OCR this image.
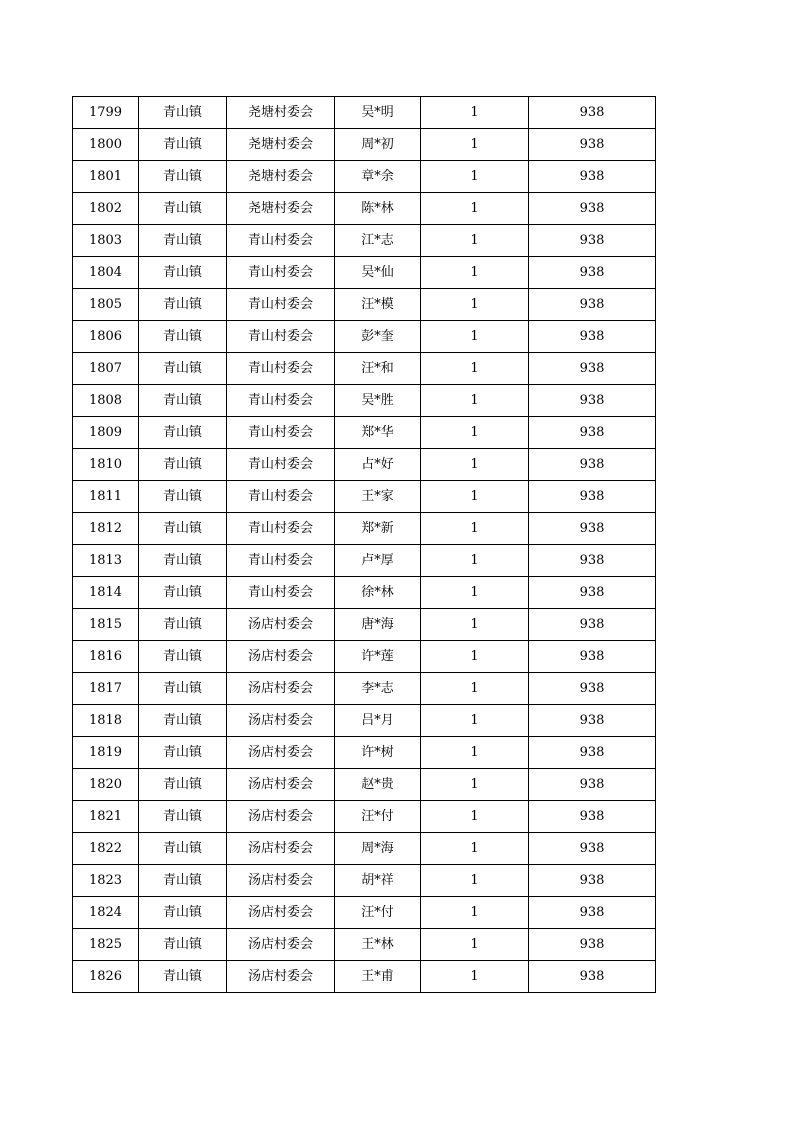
1799	青山镇	尧塘村委会	吴*明	1	938
1800	青山镇	尧塘村委会	周*初	1	938
1801	青山镇	尧塘村委会	章*余	1	938
1802	青山镇	尧塘村委会	陈*林	1	938
1803	青山镇	青山村委会	江*志	1	938
1804	青山镇	青山村委会	吴*仙	1	938
1805	青山镇	青山村委会	汪*模	1	938
1806	青山镇	青山村委会	彭*奎	1	938
1807	青山镇	青山村委会	汪*和	1	938
1808	青山镇	青山村委会	吴*胜	1	938
1809	青山镇	青山村委会	郑*华	1	938
1810	青山镇	青山村委会	占*好	1	938
1811	青山镇	青山村委会	王*家	1	938
1812	青山镇	青山村委会	郑*新	1	938
1813	青山镇	青山村委会	卢*厚	1	938
1814	青山镇	青山村委会	徐*林	1	938
1815	青山镇	汤店村委会	唐*海	1	938
1816	青山镇	汤店村委会	许*莲	1	938
1817	青山镇	汤店村委会	李*志	1	938
1818	青山镇	汤店村委会	吕*月	1	938
1819	青山镇	汤店村委会	许*树	1	938
1820	青山镇	汤店村委会	赵*贵	1	938
1821	青山镇	汤店村委会	汪*付	1	938
1822	青山镇	汤店村委会	周*海	1	938
1823	青山镇	汤店村委会	胡*祥	1	938
1824	青山镇	汤店村委会	汪*付	1	938
1825	青山镇	汤店村委会	王*林	1	938
1826	青山镇	汤店村委会	王*甫	1	938
